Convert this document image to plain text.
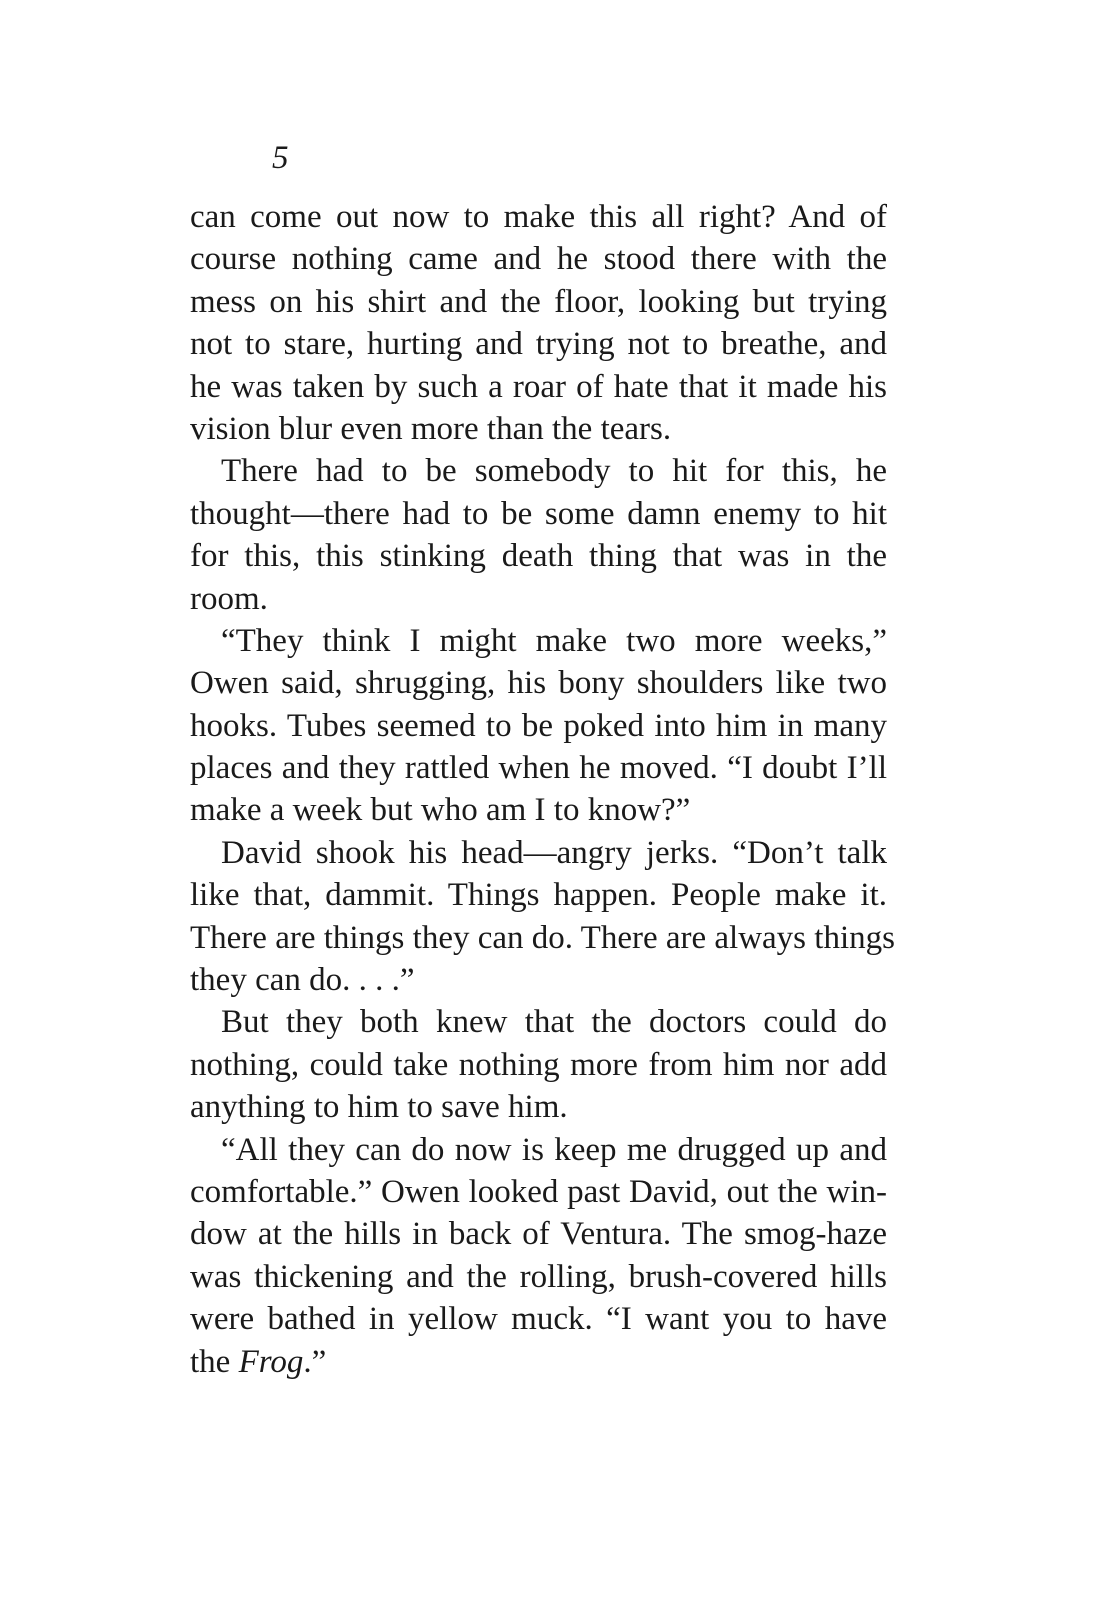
5
can come out now to make this all right? And of
course nothing came and he stood there with the
mess on his shirt and the floor, looking but trying
not to stare, hurting and trying not to breathe, and
he was taken by such a roar of hate that it made his
vision blur even more than the tears.
There had to be somebody to hit for this, he
thought—there had to be some damn enemy to hit
for this, this stinking death thing that was in the
room.
“They think I might make two more weeks,”
Owen said, shrugging, his bony shoulders like two
hooks. Tubes seemed to be poked into him in many
places and they rattled when he moved. “I doubt I’ll
make a week but who am I to know?”
David shook his head—angry jerks. “Don’t talk
like that, dammit. Things happen. People make it.
There are things they can do. There are always things
they can do. . . .”
But they both knew that the doctors could do
nothing, could take nothing more from him nor add
anything to him to save him.
“All they can do now is keep me drugged up and
comfortable.” Owen looked past David, out the win-
dow at the hills in back of Ventura. The smog-haze
was thickening and the rolling, brush-covered hills
were bathed in yellow muck. “I want you to have
the Frog.”
